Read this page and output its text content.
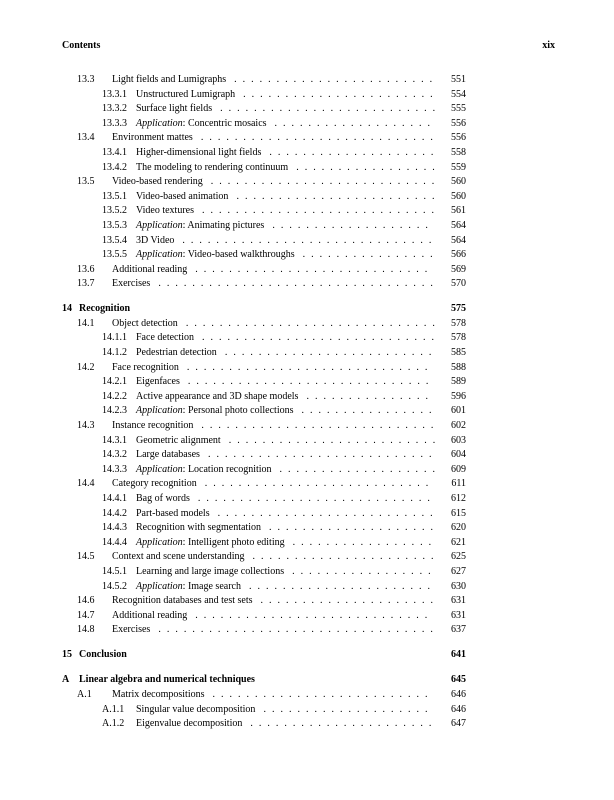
Contents	xix
13.3 Light fields and Lumigraphs	551
........................
13.3.1 Unstructured Lumigraph	554
.......................
13.3.2 Surface light fields	555
..........................
13.3.3 Application: Concentric mosaics	556
...................
13.4 Environment mattes	556
............................
13.4.1 Higher-dimensional light fields	558
....................
13.4.2 The modeling to rendering continuum	559
.................
13.5 Video-based rendering	560
...........................
13.5.1 Video-based animation	560
........................
13.5.2 Video textures	561
............................
13.5.3 Application: Animating pictures	564
...................
13.5.4 3D Video	564
..............................
13.5.5 Application: Video-based walkthroughs	566
................
13.6 Additional reading	569
............................
13.7 Exercises	570
.................................
14 Recognition	575
14.1 Object detection	578
..............................
14.1.1 Face detection	578
............................
14.1.2 Pedestrian detection	585
.........................
14.2 Face recognition	588
.............................
14.2.1 Eigenfaces	589
.............................
14.2.2 Active appearance and 3D shape models	596
...............
14.2.3 Application: Personal photo collections	601
................
14.3 Instance recognition	602
............................
14.3.1 Geometric alignment	603
.........................
14.3.2 Large databases	604
...........................
14.3.3 Application: Location recognition	609
...................
14.4 Category recognition	611
...........................
14.4.1 Bag of words	612
............................
14.4.2 Part-based models	615
..........................
14.4.3 Recognition with segmentation	620
....................
14.4.4 Application: Intelligent photo editing	621
.................
14.5 Context and scene understanding	625
......................
14.5.1 Learning and large image collections	627
.................
14.5.2 Application: Image search	630
......................
14.6 Recognition databases and test sets	631
.....................
14.7 Additional reading	631
............................
14.8 Exercises	637
.................................
15 Conclusion	641
A Linear algebra and numerical techniques	645
A.1 Matrix decompositions	646
..........................
A.1.1 Singular value decomposition	646
....................
A.1.2 Eigenvalue decomposition	647
......................
